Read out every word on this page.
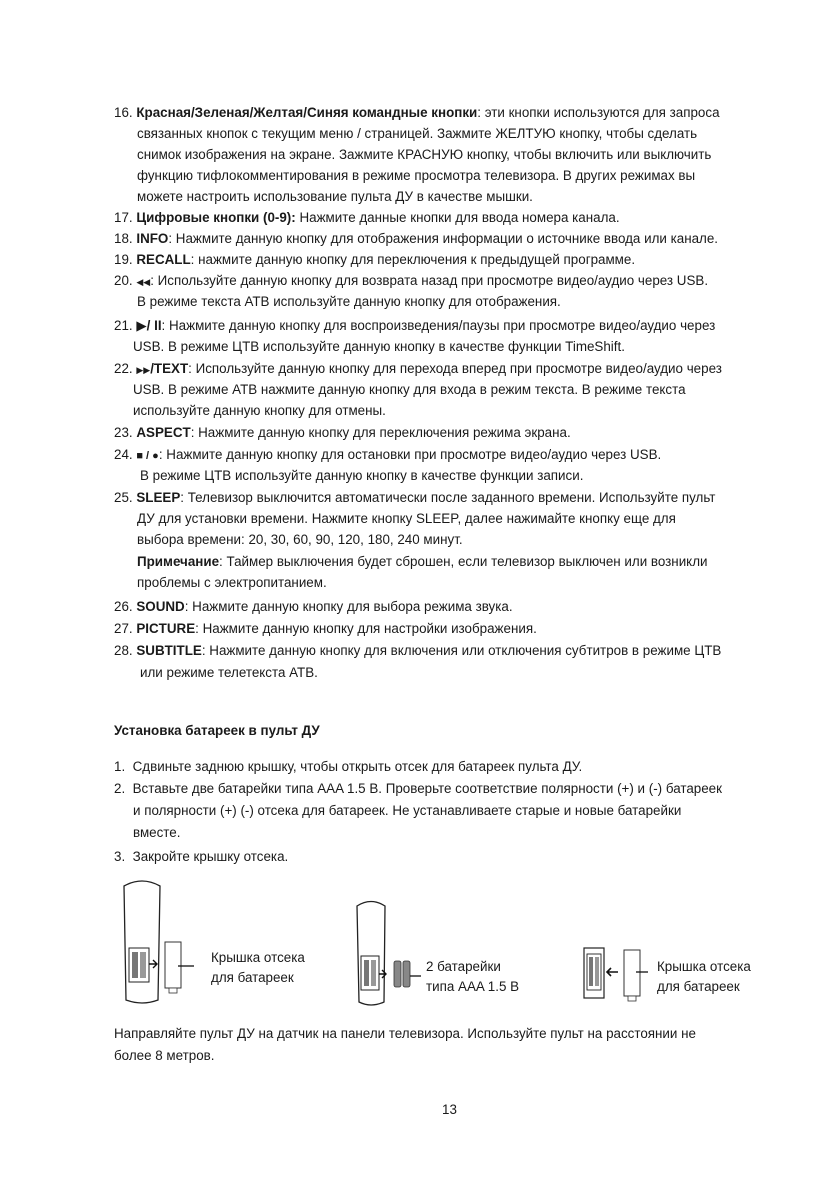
16. Красная/Зеленая/Желтая/Синяя командные кнопки: эти кнопки используются для запроса
связанных кнопок с текущим меню / страницей. Зажмите ЖЕЛТУЮ кнопку, чтобы сделать
снимок изображения на экране. Зажмите КРАСНУЮ кнопку, чтобы включить или выключить
функцию тифлокомментирования в режиме просмотра телевизора. В других режимах вы
можете настроить использование пульта ДУ в качестве мышки.
17. Цифровые кнопки (0-9): Нажмите данные кнопки для ввода номера канала.
18. INFO: Нажмите данную кнопку для отображения информации о источнике ввода или канале.
19. RECALL: нажмите данную кнопку для переключения к предыдущей программе.
20. ◀◀: Используйте данную кнопку для возврата назад при просмотре видео/аудио через USB.
В режиме текста АТВ используйте данную кнопку для отображения.
21. ▶/ II: Нажмите данную кнопку для воспроизведения/паузы при просмотре видео/аудио через
USB. В режиме ЦТВ используйте данную кнопку в качестве функции TimeShift.
22. ▶▶/TEXT: Используйте данную кнопку для перехода вперед при просмотре видео/аудио через
USB. В режиме АТВ нажмите данную кнопку для входа в режим текста. В режиме текста
используйте данную кнопку для отмены.
23. ASPECT: Нажмите данную кнопку для переключения режима экрана.
24. ■ / ●: Нажмите данную кнопку для остановки при просмотре видео/аудио через USB.
В режиме ЦТВ используйте данную кнопку в качестве функции записи.
25. SLEEP: Телевизор выключится автоматически после заданного времени. Используйте пульт
ДУ для установки времени. Нажмите кнопку SLEEP, далее нажимайте кнопку еще для
выбора времени: 20, 30, 60, 90, 120, 180, 240 минут.
Примечание: Таймер выключения будет сброшен, если телевизор выключен или возникли
проблемы с электропитанием.
26. SOUND: Нажмите данную кнопку для выбора режима звука.
27. PICTURE: Нажмите данную кнопку для настройки изображения.
28. SUBTITLE: Нажмите данную кнопку для включения или отключения субтитров в режиме ЦТВ
или режиме телетекста АТВ.
Установка батареек в пульт ДУ
1. Сдвиньте заднюю крышку, чтобы открыть отсек для батареек пульта ДУ.
2. Вставьте две батарейки типа AAA 1.5 В. Проверьте соответствие полярности (+) и (-) батареек
и полярности (+) (-) отсека для батареек. Не устанавливаете старые и новые батарейки
вместе.
3. Закройте крышку отсека.
Крышка отсека
для батареек
2 батарейки
типа AAA 1.5 В
Крышка отсека
для батареек
Направляйте пульт ДУ на датчик на панели телевизора. Используйте пульт на расстоянии не
более 8 метров.
13
